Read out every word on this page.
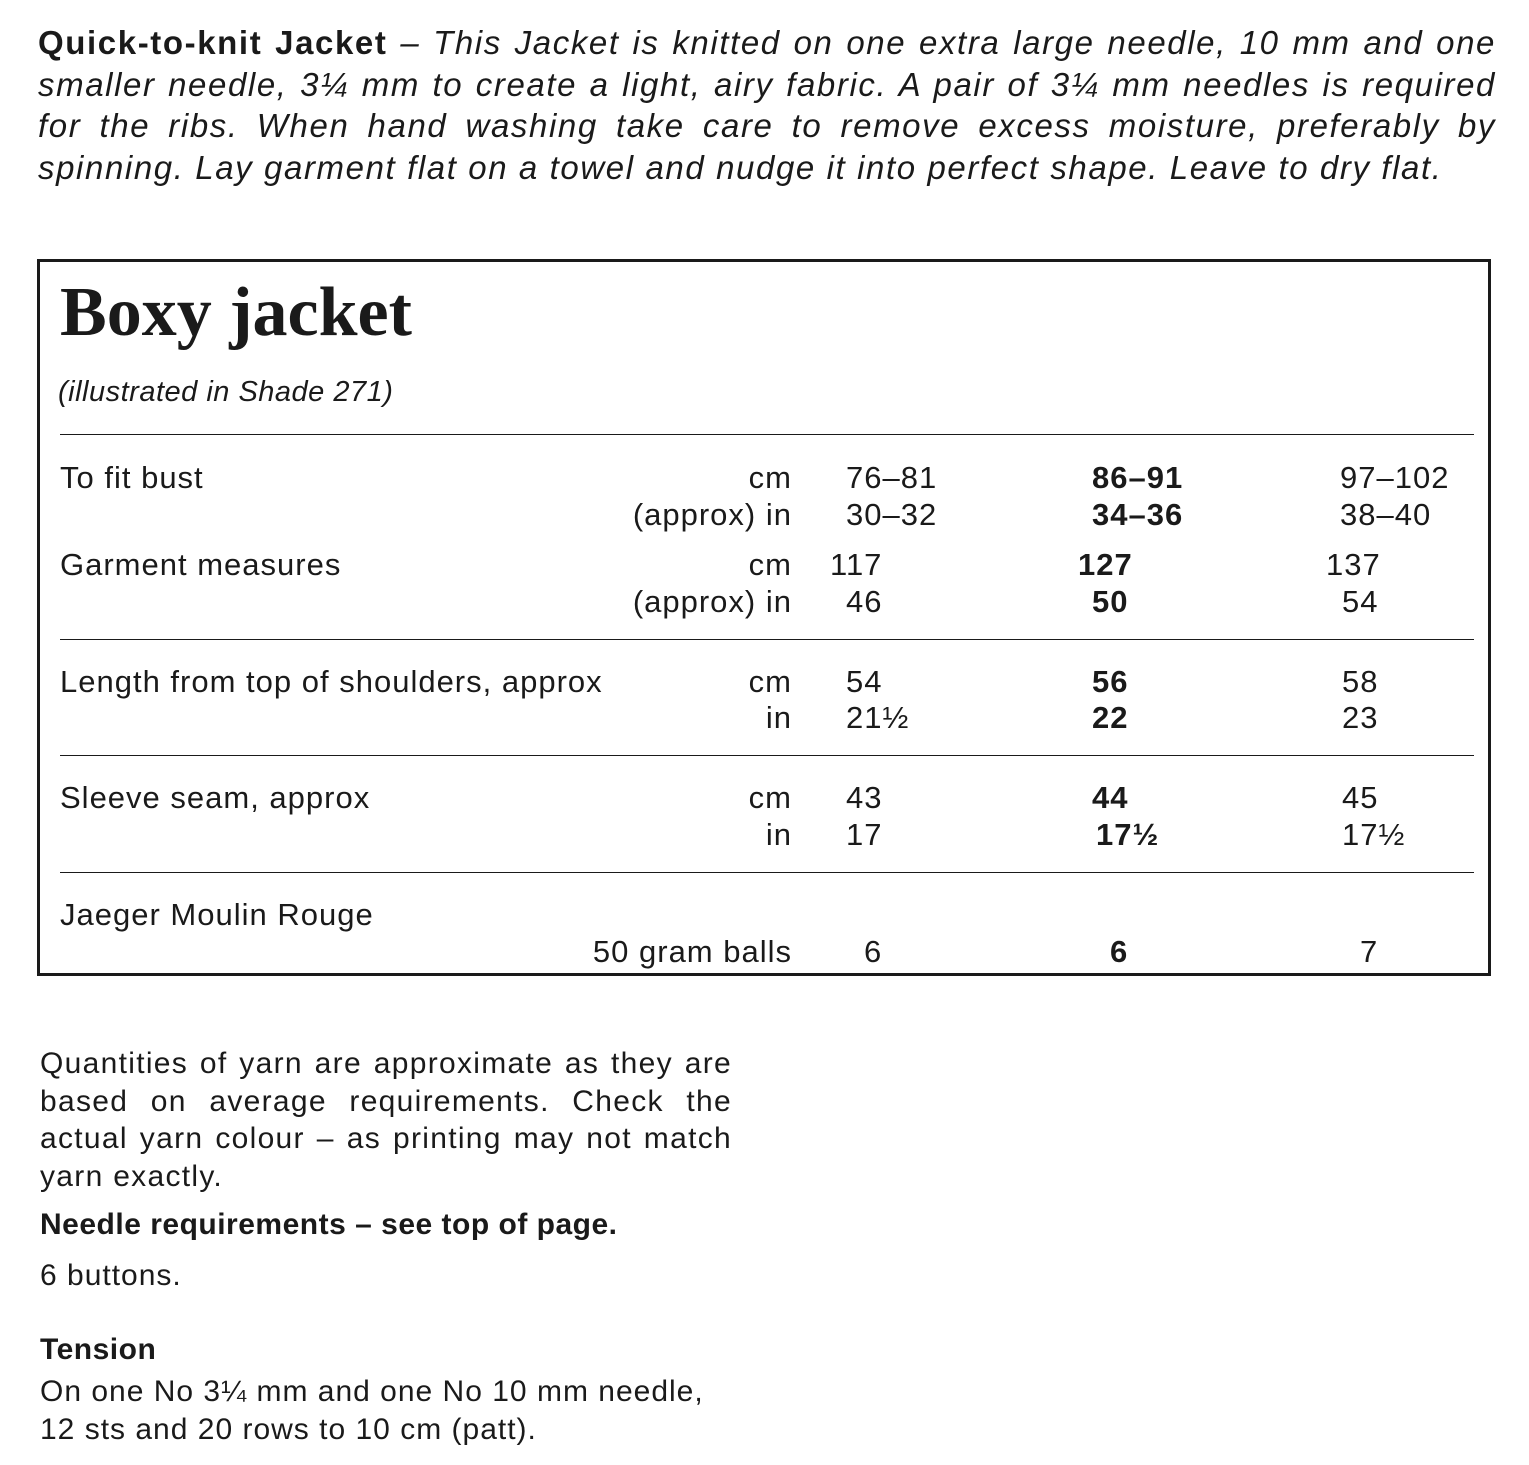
Quick-to-knit Jacket – This Jacket is knitted on one extra large needle, 10 mm and one smaller needle, 3¼ mm to create a light, airy fabric. A pair of 3¼ mm needles is required for the ribs. When hand washing take care to remove excess moisture, preferably by spinning. Lay garment flat on a towel and nudge it into perfect shape. Leave to dry flat.

Boxy jacket

(illustrated in Shade 271)

To fit bust	cm 76–81	86–91	97–102
(approx) in 30–32	34–36	38–40
Garment measures	cm 117	127	137
(approx) in 46	50	54
Length from top of shoulders, approx	cm 54	56	58
in 21½	22	23
Sleeve seam, approx	cm 43	44	45
in 17	17½	17½
Jaeger Moulin Rouge
50 gram balls 6	6	7

Quantities of yarn are approximate as they are based on average requirements. Check the actual yarn colour – as printing may not match yarn exactly.

Needle requirements – see top of page.

6 buttons.

Tension

On one No 3¼ mm and one No 10 mm needle,
12 sts and 20 rows to 10 cm (patt).
